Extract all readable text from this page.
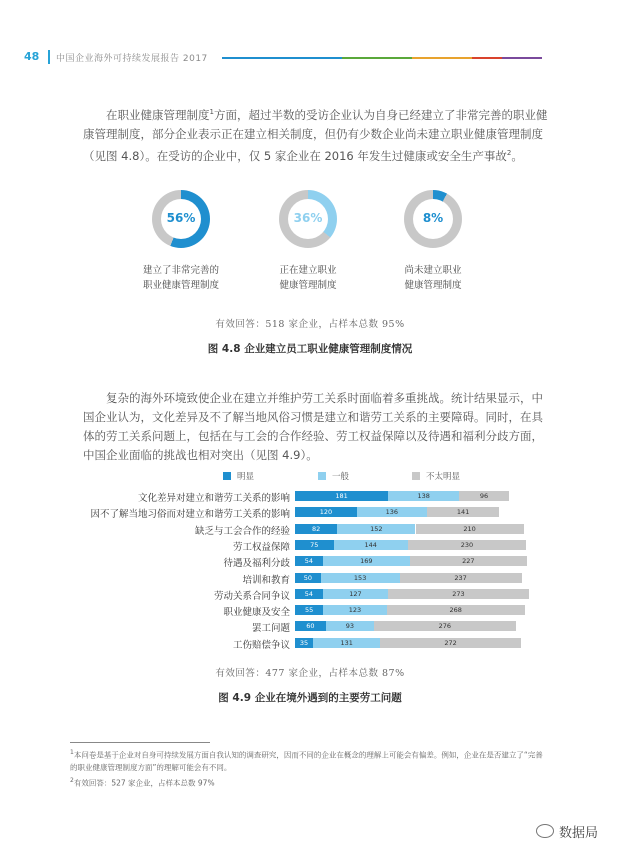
48 中国企业海外可持续发展报告 2017

在职业健康管理制度$^1$方面，超过半数的受访企业认为自身已经建立了非常完善的职业健康管理制度，部分企业表示正在建立相关制度，但仍有少数企业尚未建立职业健康管理制度（见图 4.8）。在受访的企业中，仅 5 家企业在 2016 年发生过健康或安全生产事故$^2$。

56%
建立了非常完善的
职业健康管理制度
36%
正在建立职业
健康管理制度
8%
尚未建立职业
健康管理制度
有效回答：518 家企业，占样本总数 95%
图 4.8 企业建立员工职业健康管理制度情况

复杂的海外环境致使企业在建立并维护劳工关系时面临着多重挑战。统计结果显示，中国企业认为，文化差异及不了解当地风俗习惯是建立和谐劳工关系的主要障碍。同时，在具体的劳工关系问题上，包括在与工会的合作经验、劳工权益保障以及待遇和福利分歧方面，中国企业面临的挑战也相对突出（见图 4.9）。

明显	一般	不太明显
文化差异对建立和谐劳工关系的影响	181	138	96
因不了解当地习俗而对建立和谐劳工关系的影响	120	136	141
缺乏与工会合作的经验	82	152	210
劳工权益保障	75	144	230
待遇及福利分歧	54	169	227
培训和教育	50	153	237
劳动关系合同争议	54	127	273
职业健康及安全	55	123	268
罢工问题	60	93	276
工伤赔偿争议	35	131	272
有效回答：477 家企业，占样本总数 87%
图 4.9 企业在境外遇到的主要劳工问题

$^1$本问卷是基于企业对自身可持续发展方面自我认知的调查研究，因而不同的企业在概念的理解上可能会有偏差。例如，企业在是否建立了“完善的职业健康管理制度方面”的理解可能会有不同。

$^2$有效回答：527 家企业，占样本总数 97%

数据局
